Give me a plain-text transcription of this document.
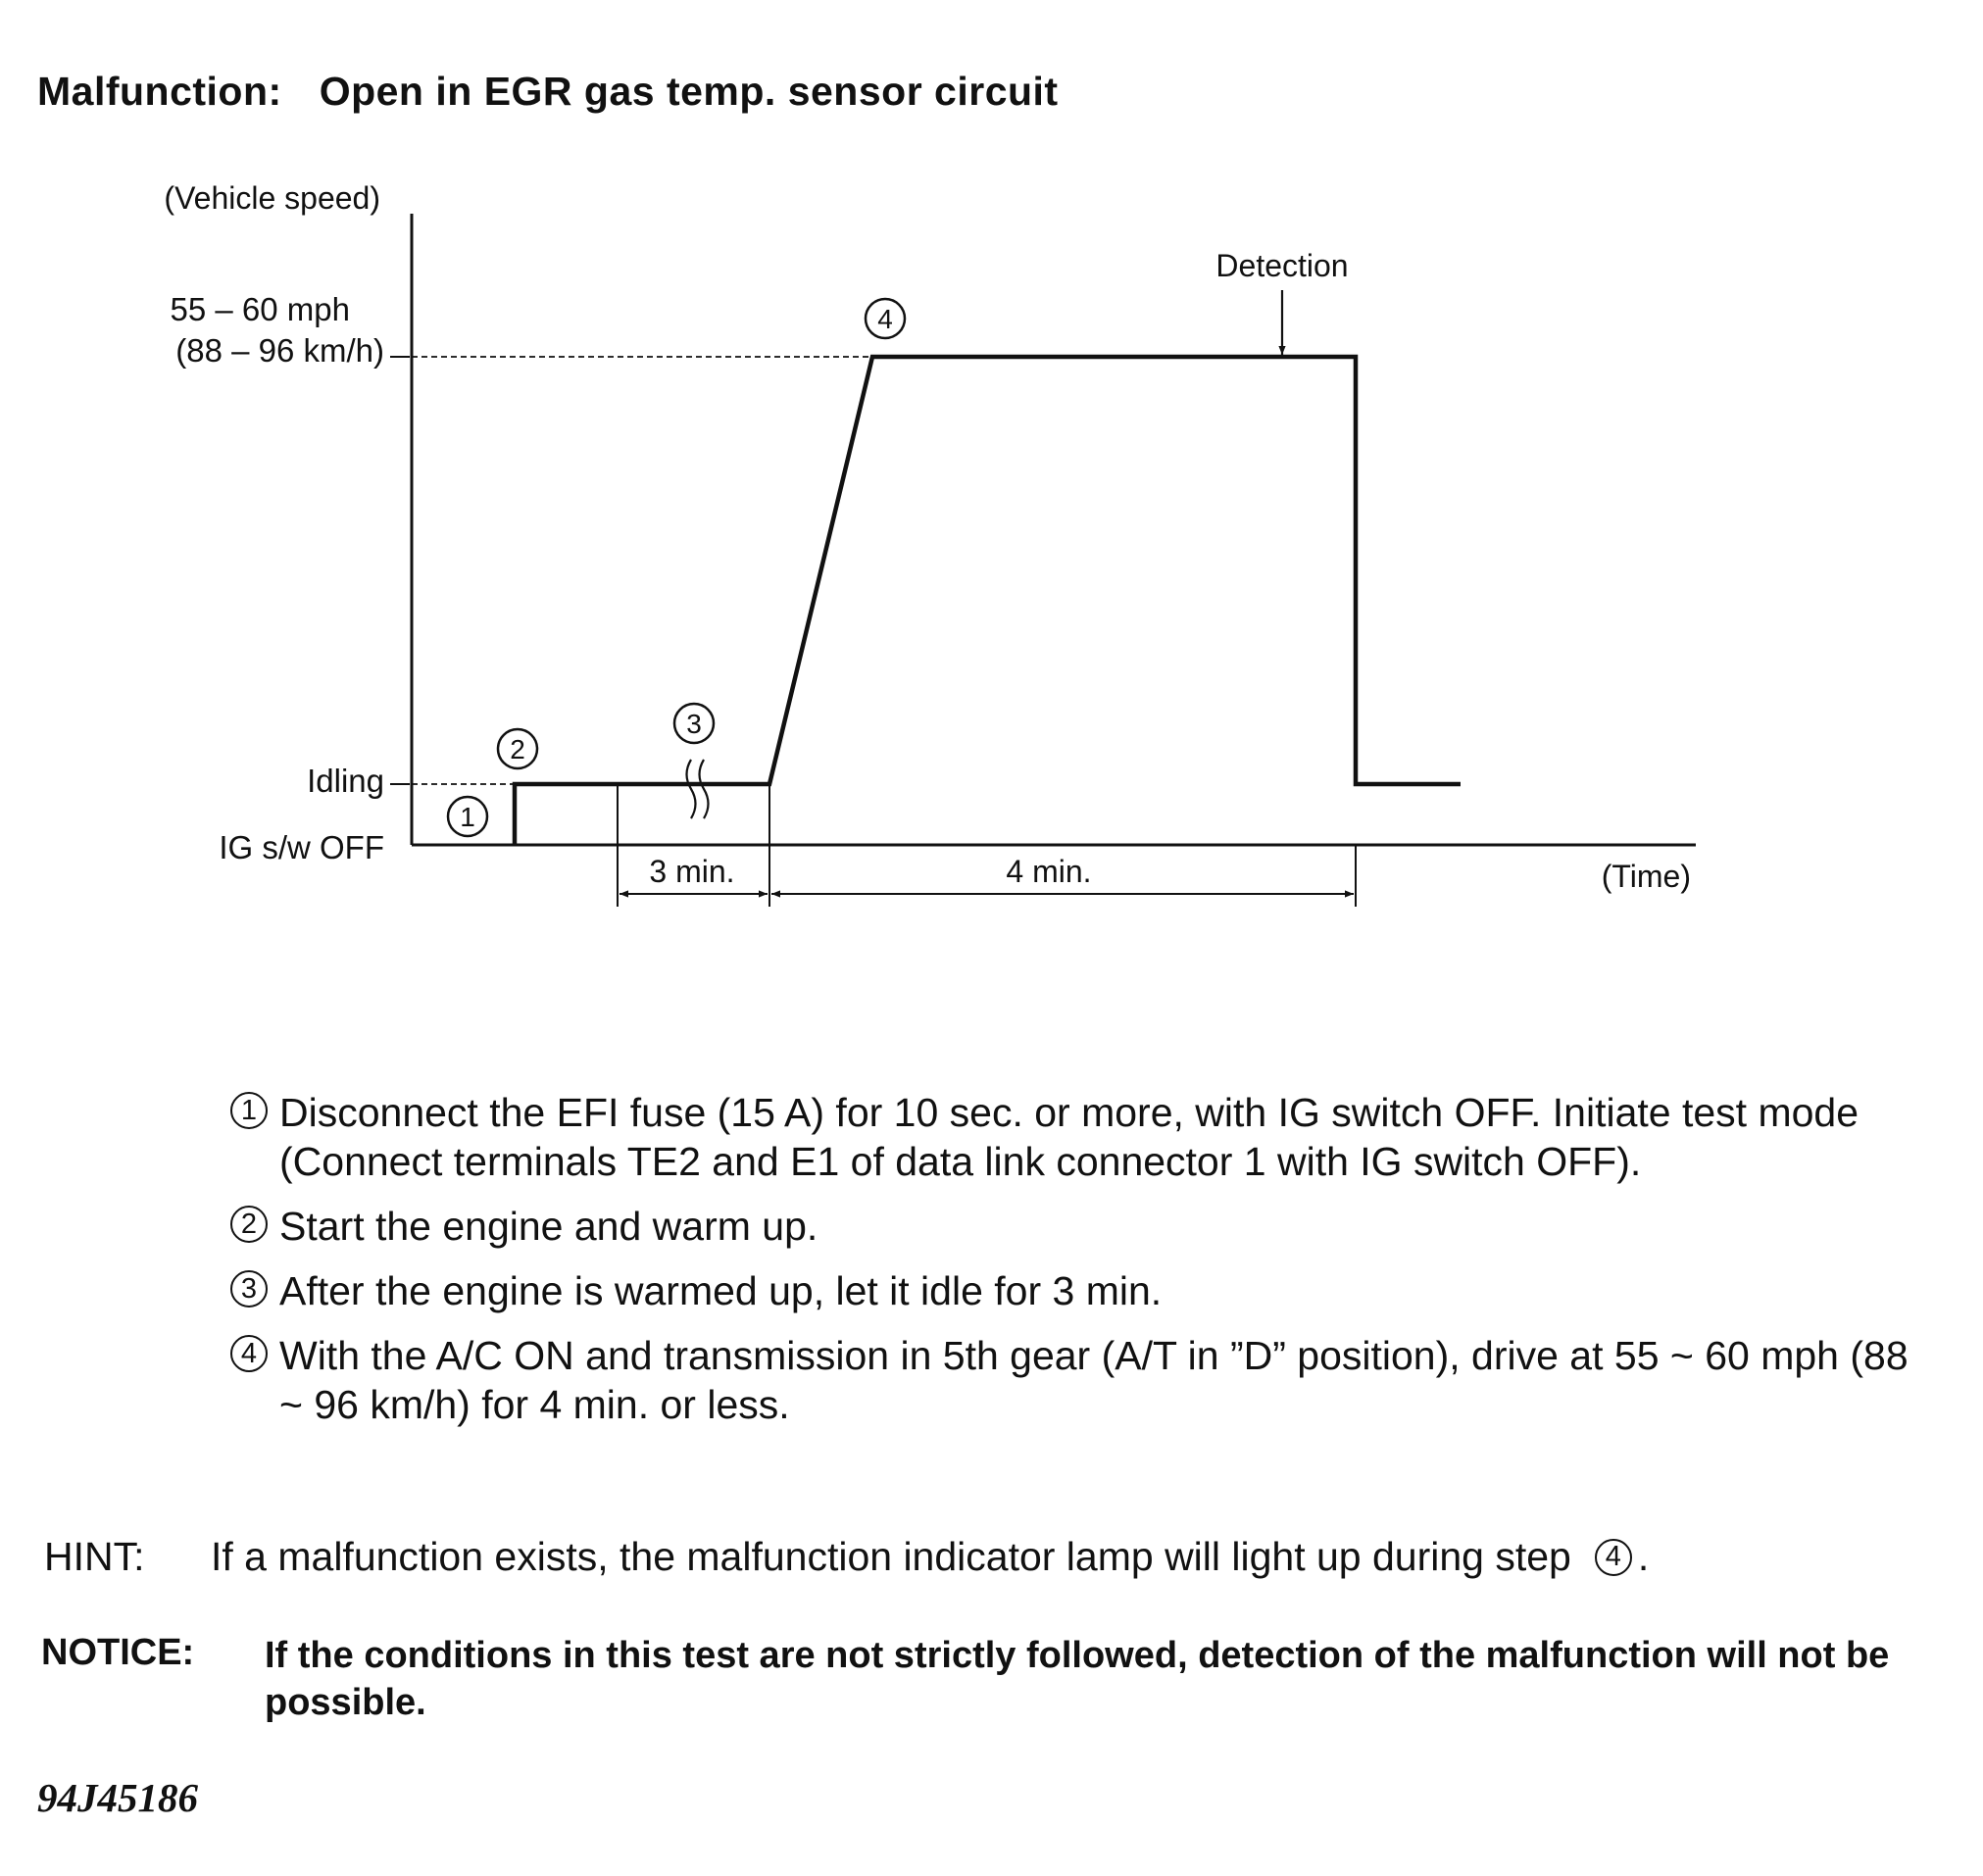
Malfunction: Open in EGR gas temp. sensor circuit
(Vehicle speed)
(Time)
55 – 60 mph
(88 – 96 km/h)
Idling
IG s/w OFF
3 min.	4 min.
Detection
1
2
3
4
1 Disconnect the EFI fuse (15 A) for 10 sec. or more, with IG switch OFF. Initiate test mode (Connect terminals TE2 and E1 of data link connector 1 with IG switch OFF).
2 Start the engine and warm up.
3 After the engine is warmed up, let it idle for 3 min.
4 With the A/C ON and transmission in 5th gear (A/T in ”D” position), drive at 55 ~ 60 mph (88 ~ 96 km/h) for 4 min. or less.
HINT:	If a malfunction exists, the malfunction indicator lamp will light up during step	4 .
NOTICE:	If the conditions in this test are not strictly followed, detection of the malfunction will not be possible.
94J45186
